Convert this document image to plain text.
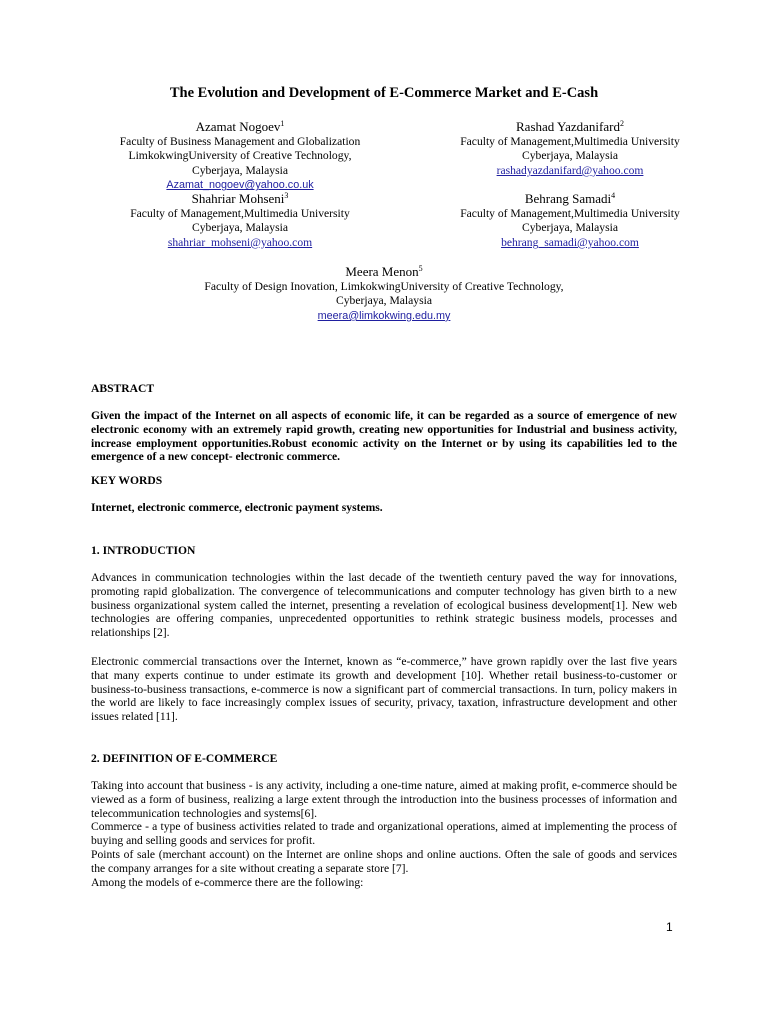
The Evolution and Development of E-Commerce Market and E-Cash
Azamat Nogoev$^1$
Faculty of Business Management and Globalization
LimkokwingUniversity of Creative Technology,
Cyberjaya, Malaysia
Azamat_nogoev@yahoo.co.uk
Rashad Yazdanifard$^2$
Faculty of Management,Multimedia University
Cyberjaya, Malaysia
rashadyazdanifard@yahoo.com
Shahriar Mohseni$^3$
Faculty of Management,Multimedia University
Cyberjaya, Malaysia
shahriar_mohseni@yahoo.com
Behrang Samadi$^4$
Faculty of Management,Multimedia University
Cyberjaya, Malaysia
behrang_samadi@yahoo.com
Meera Menon$^5$
Faculty of Design Inovation, LimkokwingUniversity of Creative Technology,
Cyberjaya, Malaysia
meera@limkokwing.edu.my
ABSTRACT

Given the impact of the Internet on all aspects of economic life, it can be regarded as a source of emergence of new electronic economy with an extremely rapid growth, creating new opportunities for Industrial and business activity, increase employment opportunities.Robust economic activity on the Internet or by using its capabilities led to the emergence of a new concept- electronic commerce.

KEY WORDS
Internet, electronic commerce, electronic payment systems.
1. INTRODUCTION

Advances in communication technologies within the last decade of the twentieth century paved the way for innovations, promoting rapid globalization. The convergence of telecommunications and computer technology has given birth to a new business organizational system called the internet, presenting a revelation of ecological business development[1]. New web technologies are offering companies, unprecedented opportunities to rethink strategic business models, processes and relationships [2].

Electronic commercial transactions over the Internet, known as “e-commerce,” have grown rapidly over the last five years that many experts continue to under estimate its growth and development [10]. Whether retail business-to-customer or business-to-business transactions, e-commerce is now a significant part of commercial transactions. In turn, policy makers in the world are likely to face increasingly complex issues of security, privacy, taxation, infrastructure development and other issues related [11].

2. DEFINITION OF E-COMMERCE

Taking into account that business - is any activity, including a one-time nature, aimed at making profit, e-commerce should be viewed as a form of business, realizing a large extent through the introduction into the business processes of information and telecommunication technologies and systems[6].

Commerce - a type of business activities related to trade and organizational operations, aimed at implementing the process of buying and selling goods and services for profit.

Points of sale (merchant account) on the Internet are online shops and online auctions. Often the sale of goods and services the company arranges for a site without creating a separate store [7].

Among the models of e-commerce there are the following:

1
